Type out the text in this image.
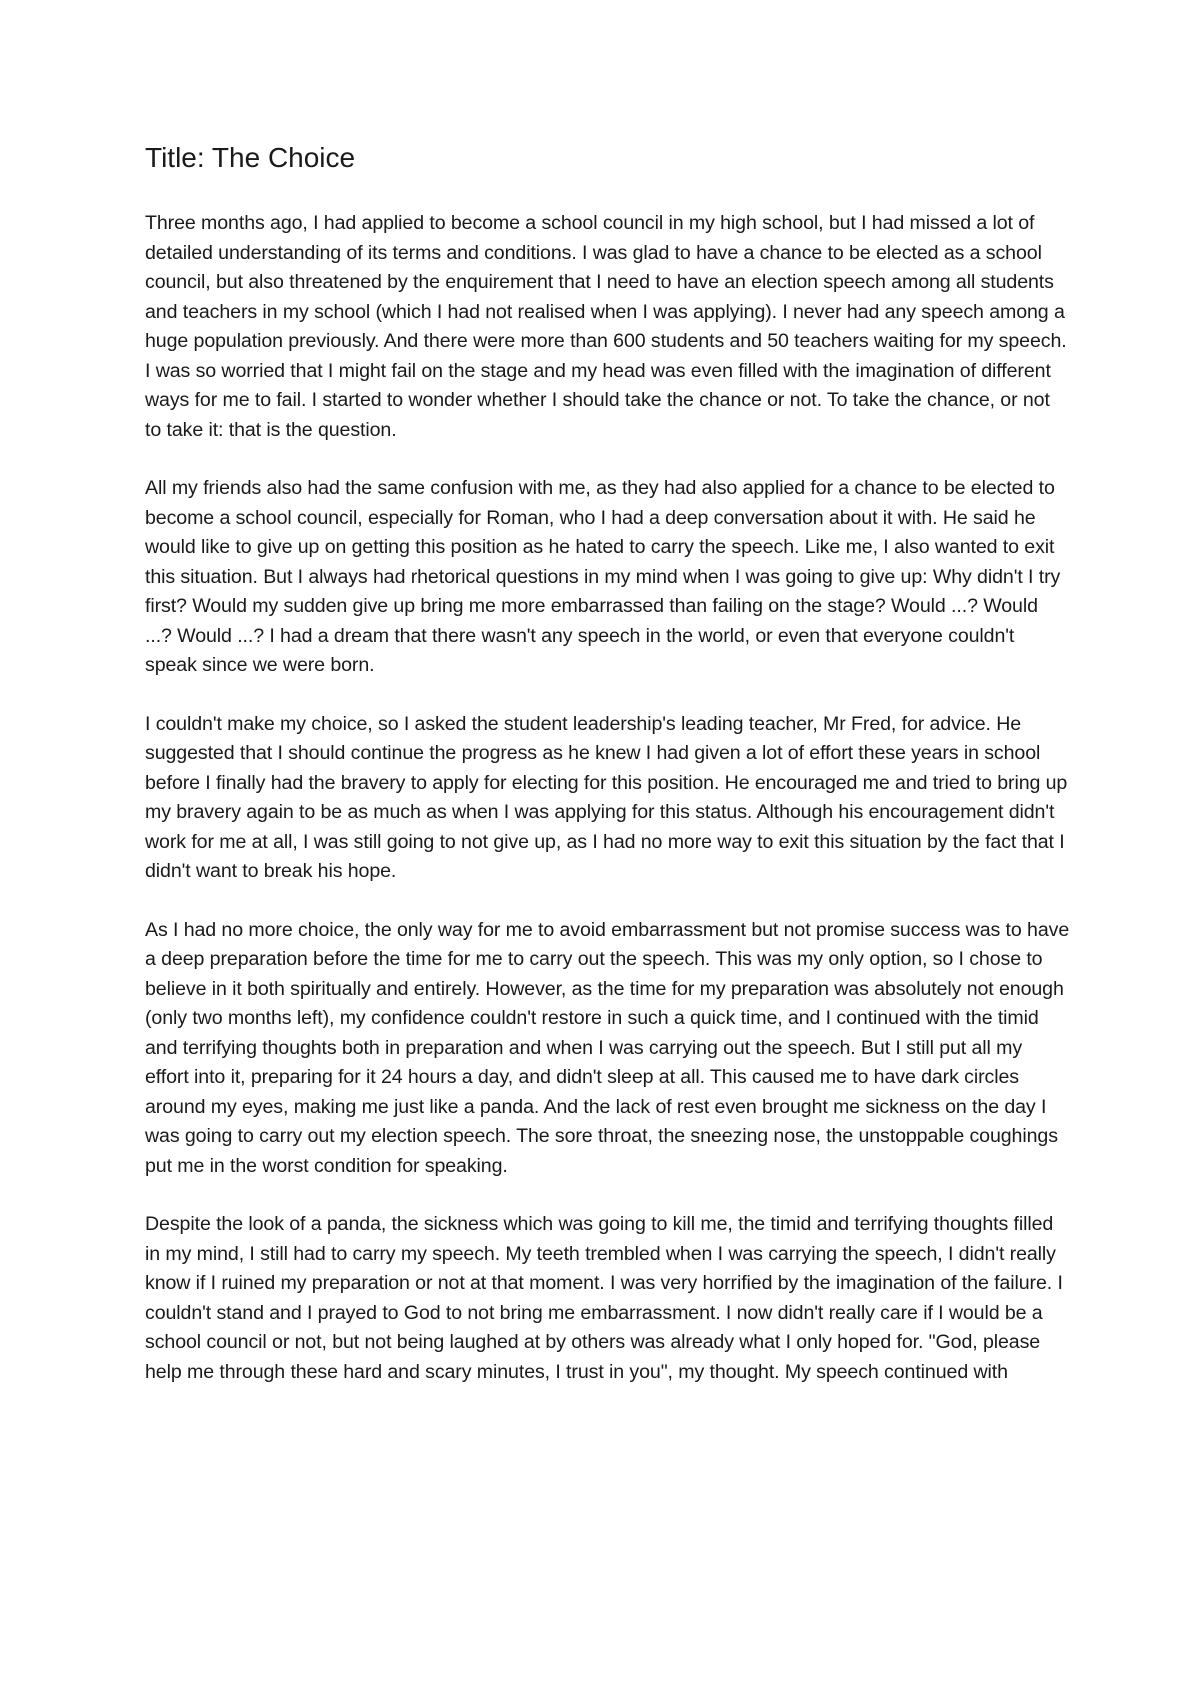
Title: The Choice

Three months ago, I had applied to become a school council in my high school, but I had missed a lot of detailed understanding of its terms and conditions. I was glad to have a chance to be elected as a school council, but also threatened by the enquirement that I need to have an election speech among all students and teachers in my school (which I had not realised when I was applying). I never had any speech among a huge population previously. And there were more than 600 students and 50 teachers waiting for my speech. I was so worried that I might fail on the stage and my head was even filled with the imagination of different ways for me to fail. I started to wonder whether I should take the chance or not. To take the chance, or not to take it: that is the question.

All my friends also had the same confusion with me, as they had also applied for a chance to be elected to become a school council, especially for Roman, who I had a deep conversation about it with. He said he would like to give up on getting this position as he hated to carry the speech. Like me, I also wanted to exit this situation. But I always had rhetorical questions in my mind when I was going to give up: Why didn't I try first? Would my sudden give up bring me more embarrassed than failing on the stage? Would ...? Would ...? Would ...? I had a dream that there wasn't any speech in the world, or even that everyone couldn't speak since we were born.

I couldn't make my choice, so I asked the student leadership's leading teacher, Mr Fred, for advice. He suggested that I should continue the progress as he knew I had given a lot of effort these years in school before I finally had the bravery to apply for electing for this position. He encouraged me and tried to bring up my bravery again to be as much as when I was applying for this status. Although his encouragement didn't work for me at all, I was still going to not give up, as I had no more way to exit this situation by the fact that I didn't want to break his hope.

As I had no more choice, the only way for me to avoid embarrassment but not promise success was to have a deep preparation before the time for me to carry out the speech. This was my only option, so I chose to believe in it both spiritually and entirely. However, as the time for my preparation was absolutely not enough (only two months left), my confidence couldn't restore in such a quick time, and I continued with the timid and terrifying thoughts both in preparation and when I was carrying out the speech. But I still put all my effort into it, preparing for it 24 hours a day, and didn't sleep at all. This caused me to have dark circles around my eyes, making me just like a panda. And the lack of rest even brought me sickness on the day I was going to carry out my election speech. The sore throat, the sneezing nose, the unstoppable coughings put me in the worst condition for speaking.

Despite the look of a panda, the sickness which was going to kill me, the timid and terrifying thoughts filled in my mind, I still had to carry my speech. My teeth trembled when I was carrying the speech, I didn't really know if I ruined my preparation or not at that moment. I was very horrified by the imagination of the failure. I couldn't stand and I prayed to God to not bring me embarrassment. I now didn't really care if I would be a school council or not, but not being laughed at by others was already what I only hoped for. "God, please help me through these hard and scary minutes, I trust in you", my thought. My speech continued with
